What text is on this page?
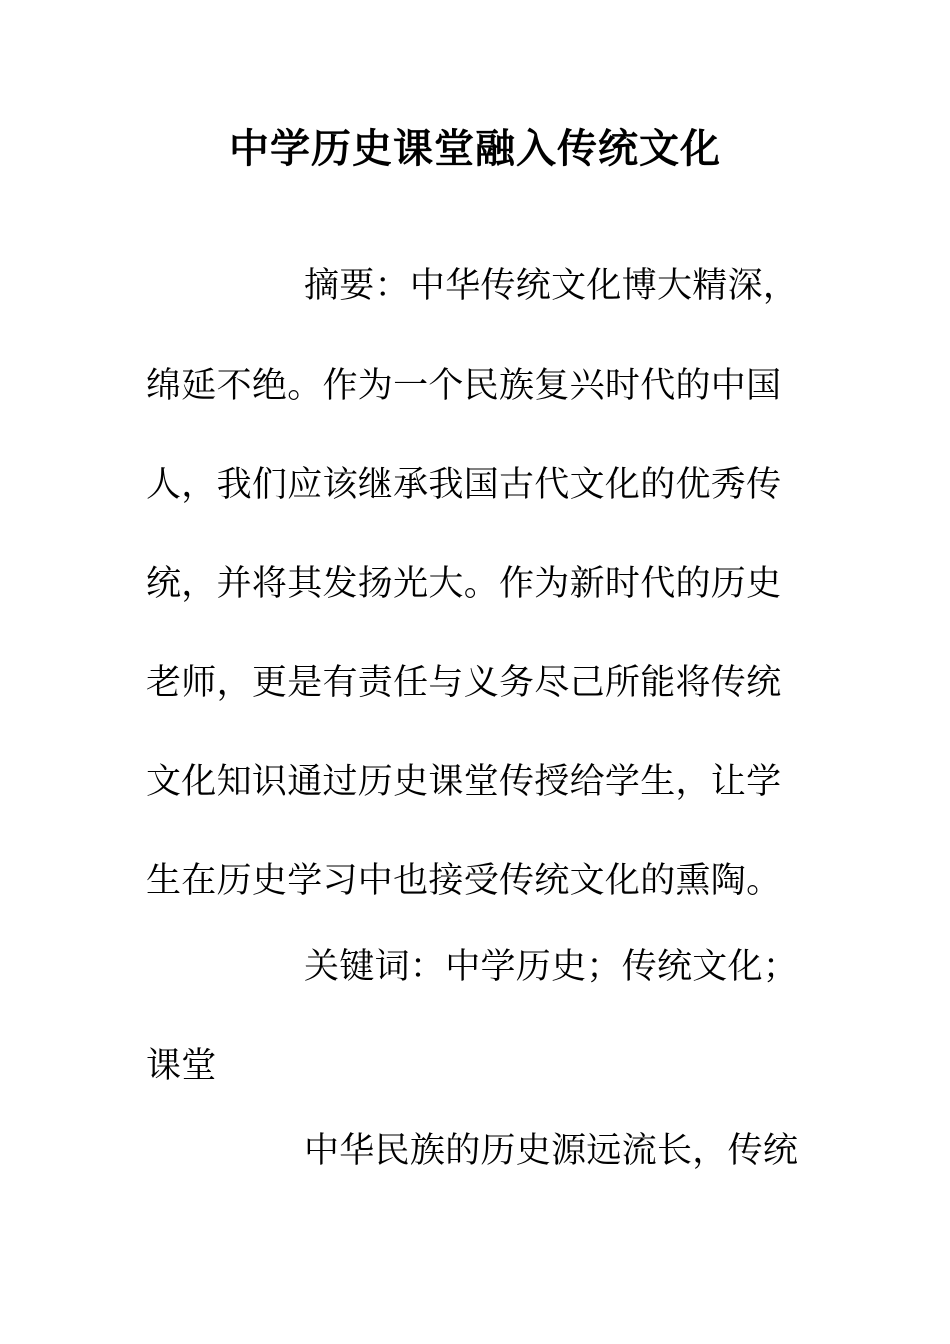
中学历史课堂融入传统文化
摘要：中华传统文化博大精深，
绵延不绝。作为一个民族复兴时代的中国
人，我们应该继承我国古代文化的优秀传
统，并将其发扬光大。作为新时代的历史
老师，更是有责任与义务尽己所能将传统
文化知识通过历史课堂传授给学生，让学
生在历史学习中也接受传统文化的熏陶。
关键词：中学历史；传统文化；
课堂
中华民族的历史源远流长，传统
